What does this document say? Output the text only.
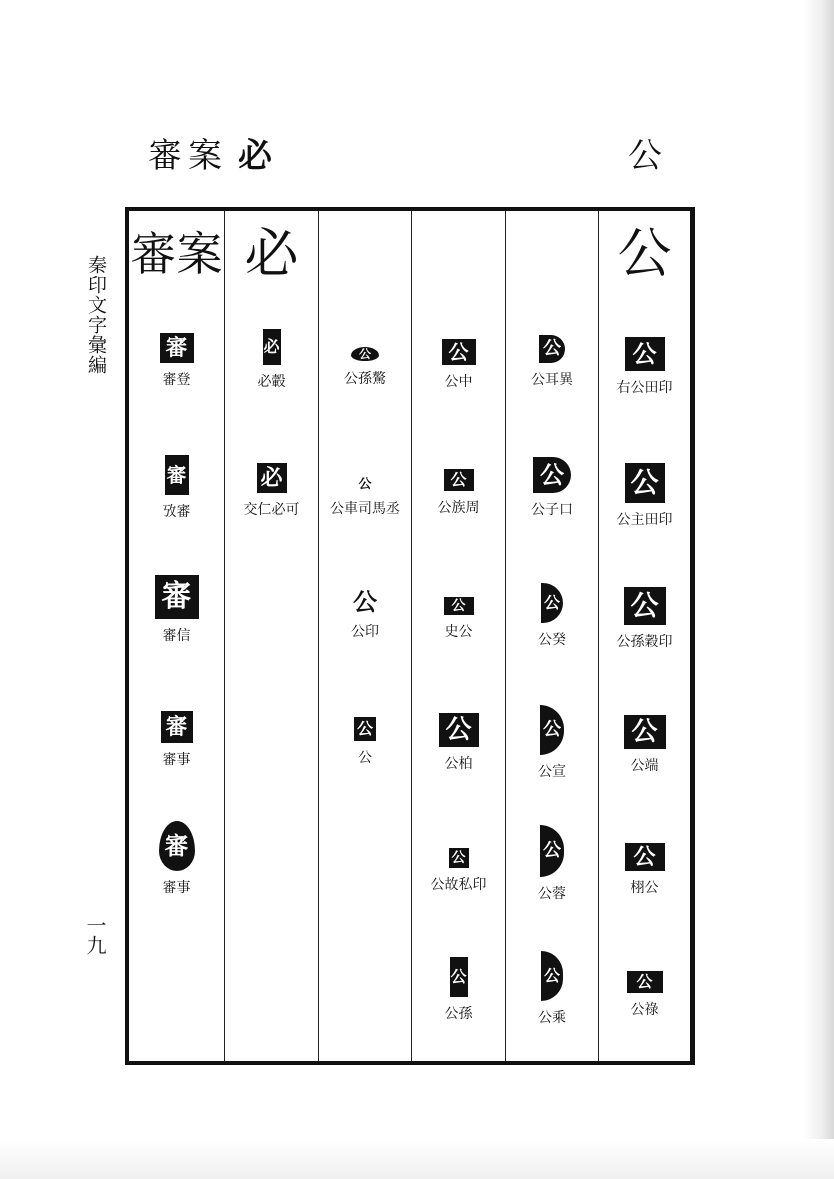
審案 必	公
秦印文字彙編
一九
審案
審
審登
審
攷審
審
審信
審
審事
審
審事
必
必
必轂
必
交仁必可
公
公孫驁
公
公車司馬丞
公
公印
公
公
公
公中
公
公族周
公
史公
公
公柏
公
公故私印
公
公孫
公
公耳異
公
公子口
公
公癸
公
公宣
公
公蓉
公
公乘
公
公
右公田印
公
公主田印
公
公孫穀印
公
公端
公
栩公
公
公祿
